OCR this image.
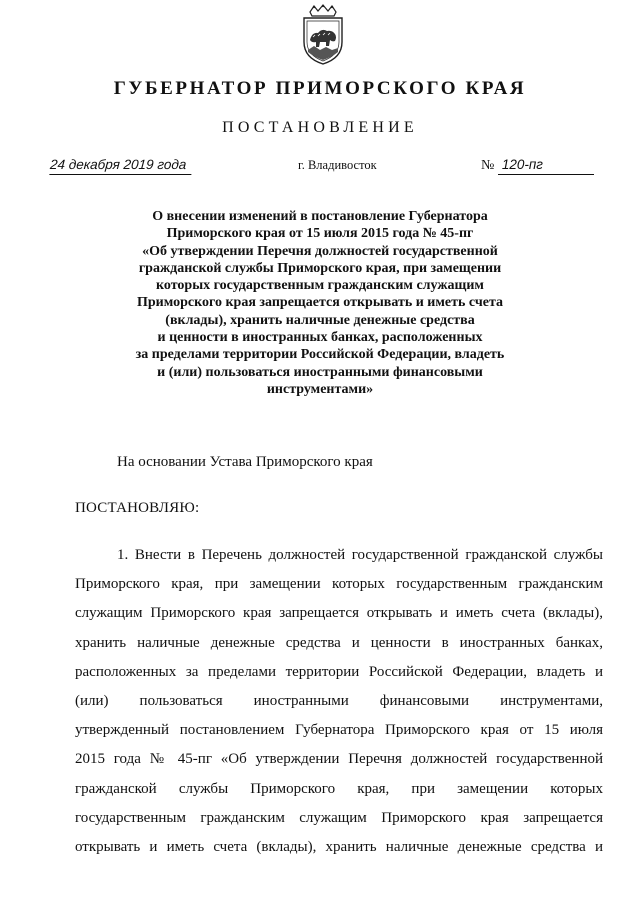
ГУБЕРНАТОР ПРИМОРСКОГО КРАЯ
ПОСТАНОВЛЕНИЕ
24 декабря 2019 года	г. Владивосток	№ 120-пг
О внесении изменений в постановление Губернатора
Приморского края от 15 июля 2015 года № 45-пг
«Об утверждении Перечня должностей государственной
гражданской службы Приморского края, при замещении
которых государственным гражданским служащим
Приморского края запрещается открывать и иметь счета
(вклады), хранить наличные денежные средства
и ценности в иностранных банках, расположенных
за пределами территории Российской Федерации, владеть
и (или) пользоваться иностранными финансовыми
инструментами»
На основании Устава Приморского края
ПОСТАНОВЛЯЮ:
1. Внести в Перечень должностей государственной гражданской службы
Приморского края, при замещении которых государственным гражданским
служащим Приморского края запрещается открывать и иметь счета (вклады),
хранить наличные денежные средства и ценности в иностранных банках,
расположенных за пределами территории Российской Федерации, владеть и
(или) пользоваться иностранными финансовыми инструментами,
утвержденный постановлением Губернатора Приморского края от 15 июля
2015 года № 45-пг «Об утверждении Перечня должностей государственной
гражданской службы Приморского края, при замещении которых
государственным гражданским служащим Приморского края запрещается
открывать и иметь счета (вклады), хранить наличные денежные средства и
